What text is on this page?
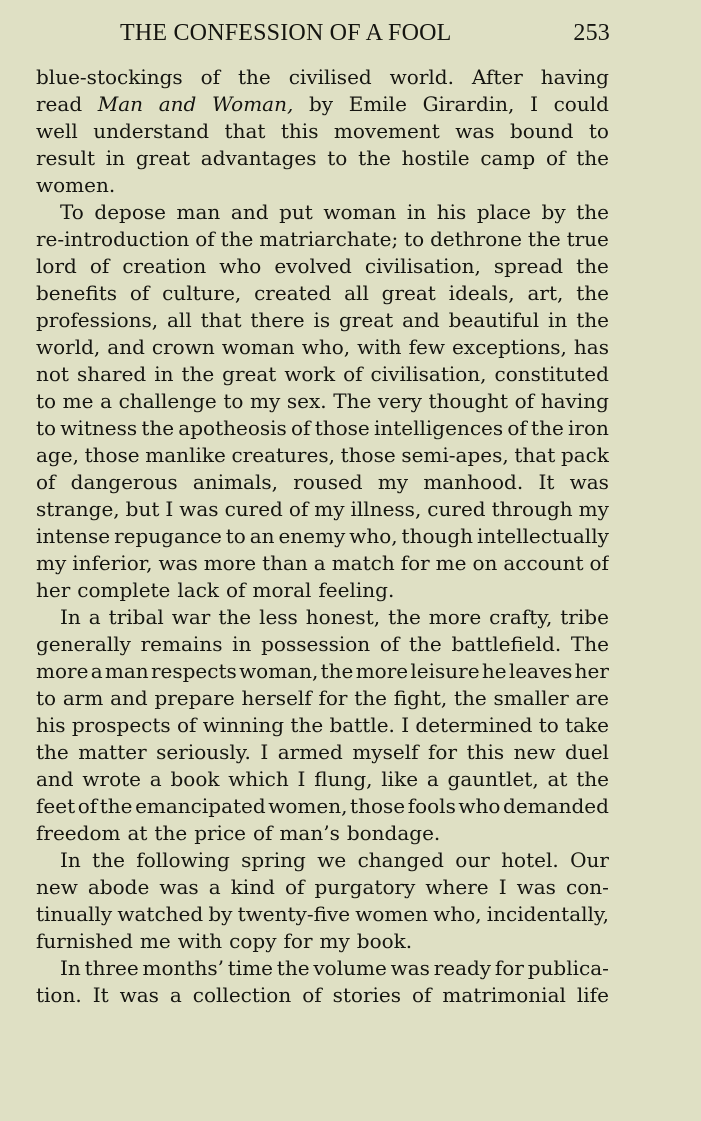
THE CONFESSION OF A FOOL	253
blue-stockings of the civilised world. After having
read Man and Woman, by Emile Girardin, I could
well understand that this movement was bound to
result in great advantages to the hostile camp of the
women.
To depose man and put woman in his place by the
re-introduction of the matriarchate; to dethrone the true
lord of creation who evolved civilisation, spread the
benefits of culture, created all great ideals, art, the
professions, all that there is great and beautiful in the
world, and crown woman who, with few exceptions, has
not shared in the great work of civilisation, constituted
to me a challenge to my sex. The very thought of having
to witness the apotheosis of those intelligences of the iron
age, those manlike creatures, those semi-apes, that pack
of dangerous animals, roused my manhood. It was
strange, but I was cured of my illness, cured through my
intense repugance to an enemy who, though intellectually
my inferior, was more than a match for me on account of
her complete lack of moral feeling.
In a tribal war the less honest, the more crafty, tribe
generally remains in possession of the battlefield. The
more a man respects woman, the more leisure he leaves her
to arm and prepare herself for the fight, the smaller are
his prospects of winning the battle. I determined to take
the matter seriously. I armed myself for this new duel
and wrote a book which I flung, like a gauntlet, at the
feet of the emancipated women, those fools who demanded
freedom at the price of man’s bondage.
In the following spring we changed our hotel. Our
new abode was a kind of purgatory where I was con-
tinually watched by twenty-five women who, incidentally,
furnished me with copy for my book.
In three months’ time the volume was ready for publica-
tion. It was a collection of stories of matrimonial life
